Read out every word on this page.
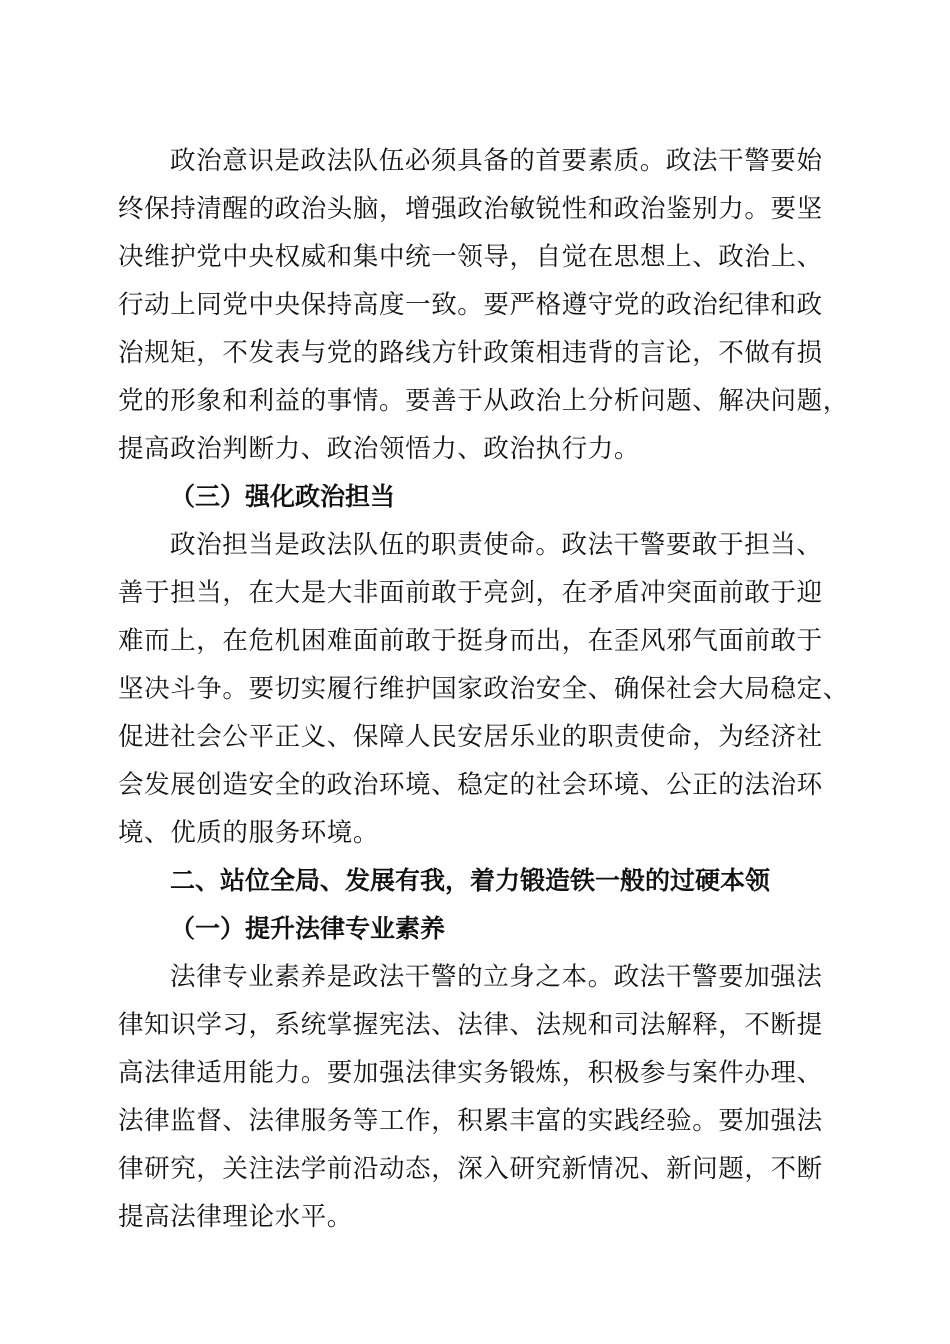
政治意识是政法队伍必须具备的首要素质。政法干警要始
终保持清醒的政治头脑，增强政治敏锐性和政治鉴别力。要坚
决维护党中央权威和集中统一领导，自觉在思想上、政治上、
行动上同党中央保持高度一致。要严格遵守党的政治纪律和政
治规矩，不发表与党的路线方针政策相违背的言论，不做有损
党的形象和利益的事情。要善于从政治上分析问题、解决问题，
提高政治判断力、政治领悟力、政治执行力。
（三）强化政治担当
政治担当是政法队伍的职责使命。政法干警要敢于担当、
善于担当，在大是大非面前敢于亮剑，在矛盾冲突面前敢于迎
难而上，在危机困难面前敢于挺身而出，在歪风邪气面前敢于
坚决斗争。要切实履行维护国家政治安全、确保社会大局稳定、
促进社会公平正义、保障人民安居乐业的职责使命，为经济社
会发展创造安全的政治环境、稳定的社会环境、公正的法治环
境、优质的服务环境。
二、站位全局、发展有我，着力锻造铁一般的过硬本领
（一）提升法律专业素养
法律专业素养是政法干警的立身之本。政法干警要加强法
律知识学习，系统掌握宪法、法律、法规和司法解释，不断提
高法律适用能力。要加强法律实务锻炼，积极参与案件办理、
法律监督、法律服务等工作，积累丰富的实践经验。要加强法
律研究，关注法学前沿动态，深入研究新情况、新问题，不断
提高法律理论水平。
